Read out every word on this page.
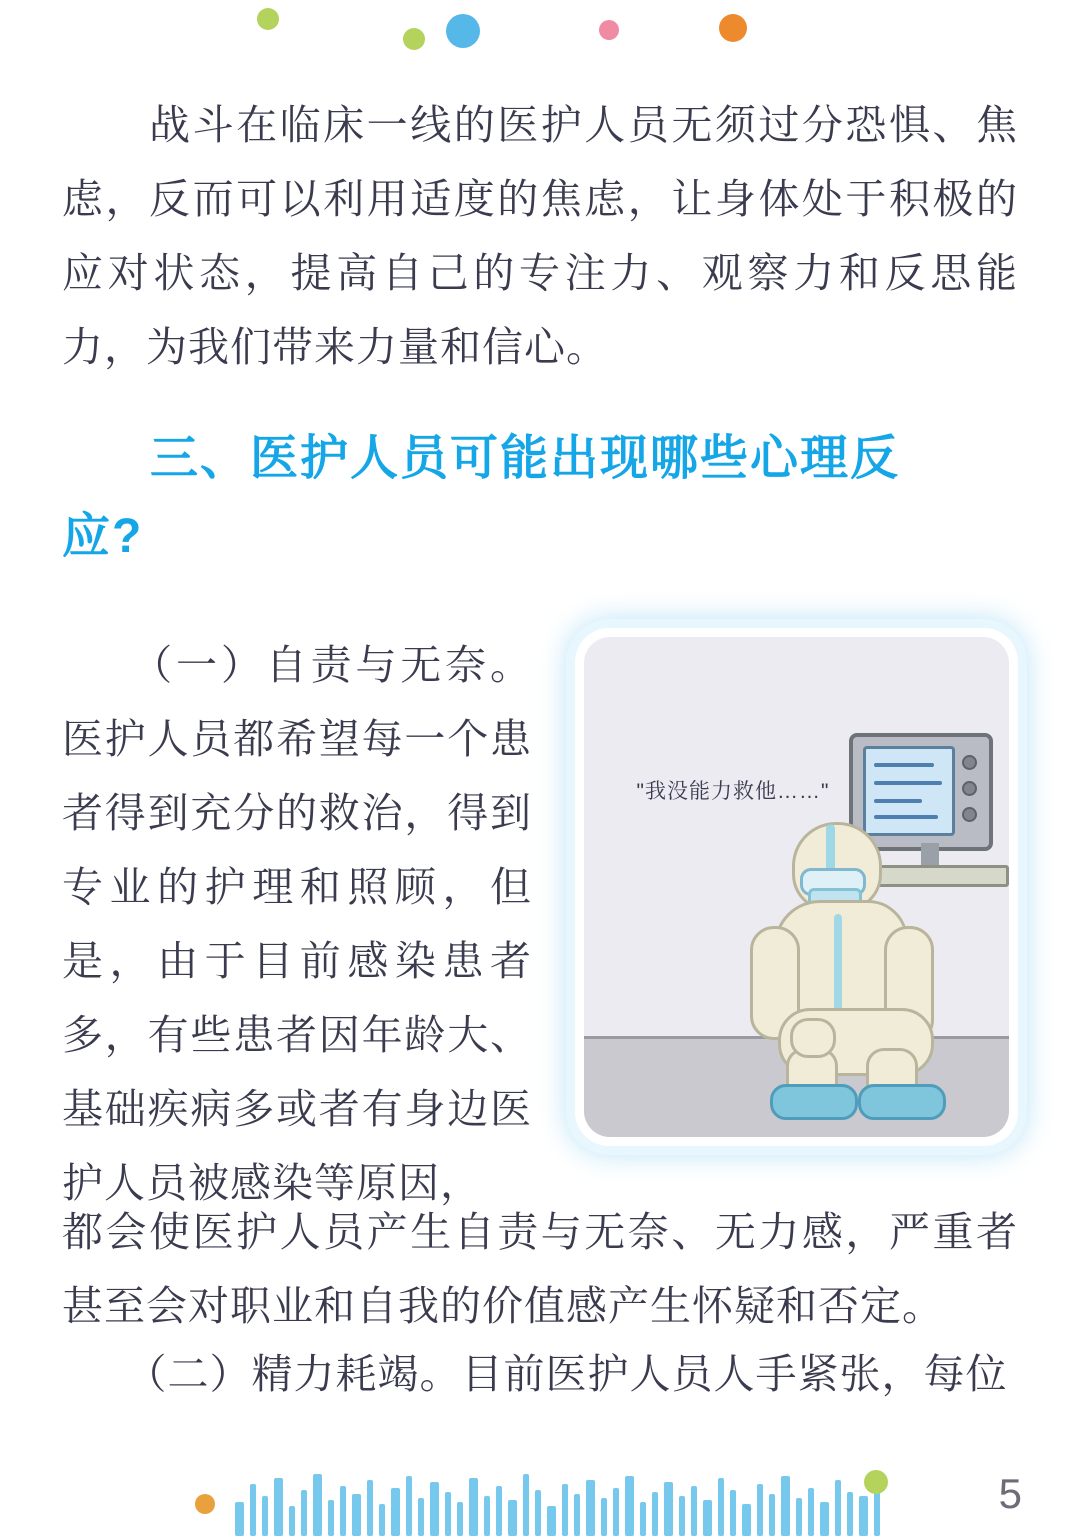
　　战斗在临床一线的医护人员无须过分恐惧、焦虑，反而可以利用适度的焦虑，让身体处于积极的应对状态，提高自己的专注力、观察力和反思能力，为我们带来力量和信心。
三、医护人员可能出现哪些心理反
应?
"我没能力救他……"
　　（一）自责与无奈。医护人员都希望每一个患者得到充分的救治，得到专业的护理和照顾，但是，由于目前感染患者多，有些患者因年龄大、基础疾病多或者有身边医护人员被感染等原因，
都会使医护人员产生自责与无奈、无力感，严重者甚至会对职业和自我的价值感产生怀疑和否定。
　　（二）精力耗竭。目前医护人员人手紧张，每位
5
